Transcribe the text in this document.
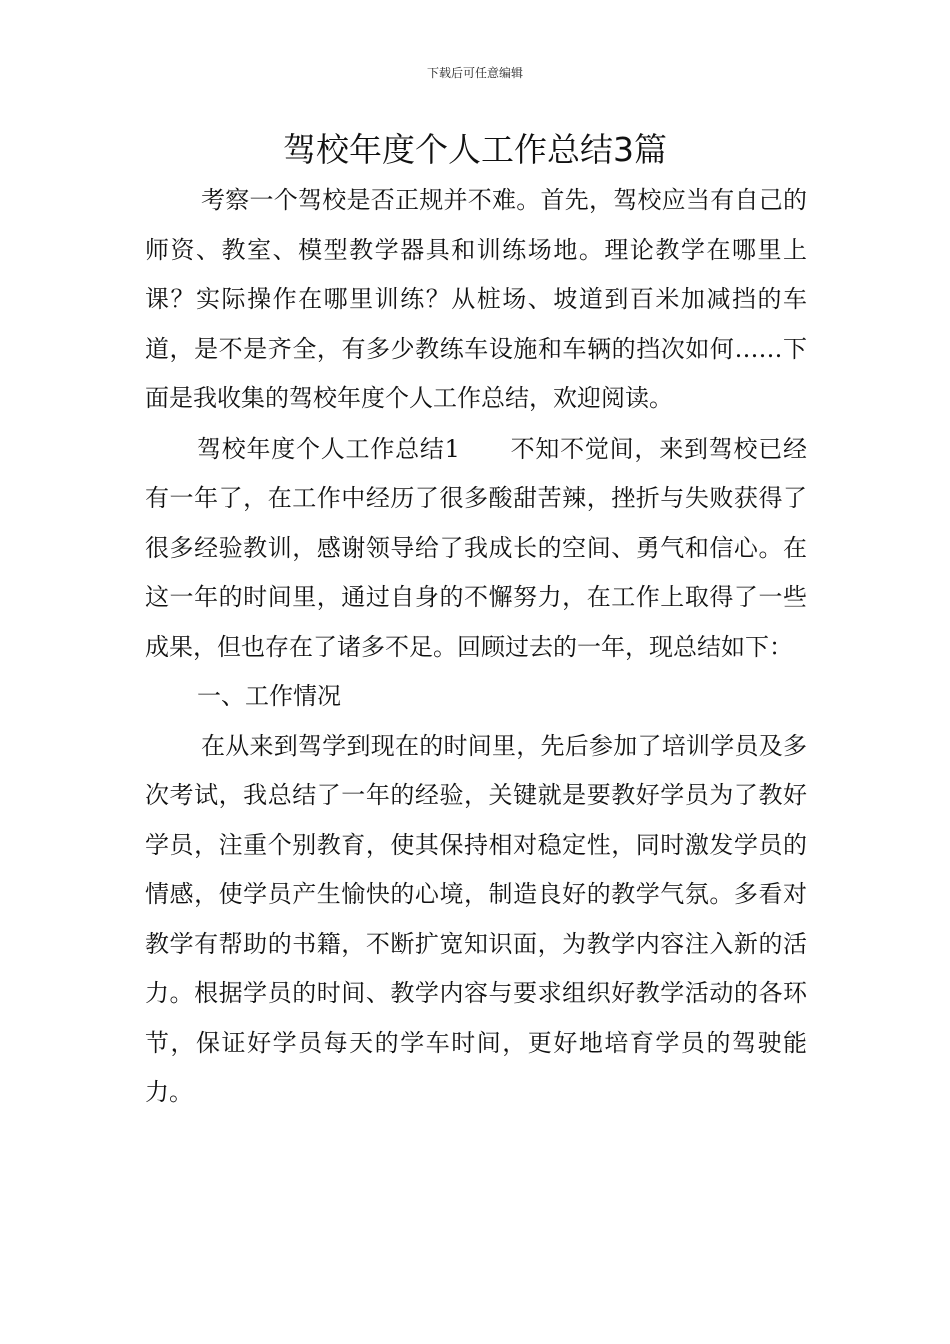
下载后可任意编辑
驾校年度个人工作总结3篇

考察一个驾校是否正规并不难。首先，驾校应当有自己的师资、教室、模型教学器具和训练场地。理论教学在哪里上课？实际操作在哪里训练？从桩场、坡道到百米加减挡的车道，是不是齐全，有多少教练车设施和车辆的挡次如何……下面是我收集的驾校年度个人工作总结，欢迎阅读。

驾校年度个人工作总结1 不知不觉间，来到驾校已经有一年了，在工作中经历了很多酸甜苦辣，挫折与失败获得了很多经验教训，感谢领导给了我成长的空间、勇气和信心。在这一年的时间里，通过自身的不懈努力，在工作上取得了一些成果，但也存在了诸多不足。回顾过去的一年，现总结如下：

一、工作情况

在从来到驾学到现在的时间里，先后参加了培训学员及多次考试，我总结了一年的经验，关键就是要教好学员为了教好学员，注重个别教育，使其保持相对稳定性，同时激发学员的情感，使学员产生愉快的心境，制造良好的教学气氛。多看对教学有帮助的书籍，不断扩宽知识面，为教学内容注入新的活力。根据学员的时间、教学内容与要求组织好教学活动的各环节，保证好学员每天的学车时间，更好地培育学员的驾驶能力。
